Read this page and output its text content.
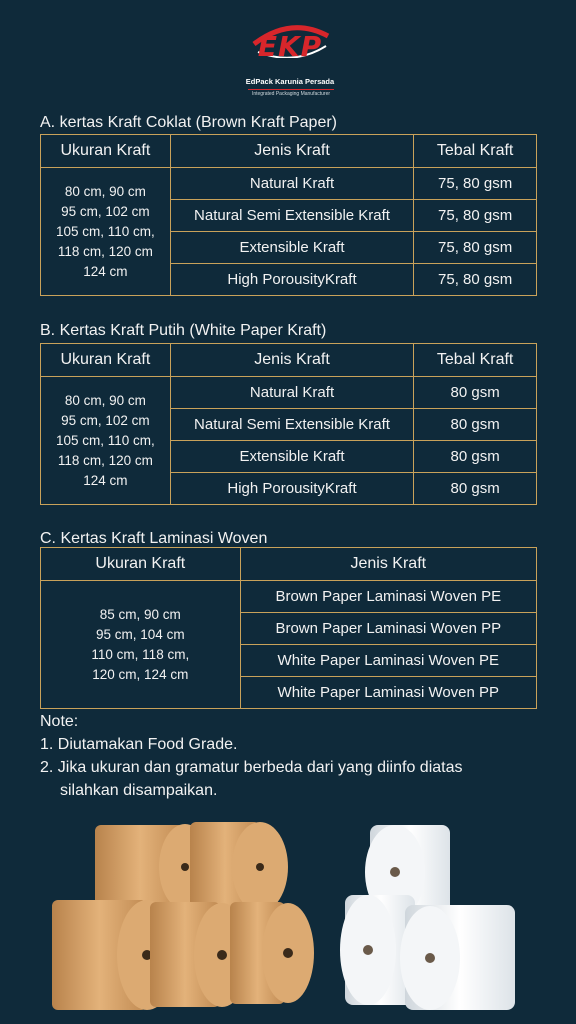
EKP
EdPack Karunia Persada
Integrated Packaging Manufacturer
A. kertas Kraft Coklat (Brown Kraft Paper)
Ukuran Kraft	Jenis Kraft	Tebal Kraft

80 cm, 90 cm
95 cm, 102 cm
105 cm, 110 cm,
118 cm, 120 cm
124 cm	Natural Kraft	75, 80 gsm
	Natural Semi Extensible Kraft	75, 80 gsm
	Extensible Kraft	75, 80 gsm
	High PorousityKraft	75, 80 gsm
B. Kertas Kraft Putih (White Paper Kraft)
Ukuran Kraft	Jenis Kraft	Tebal Kraft

80 cm, 90 cm
95 cm, 102 cm
105 cm, 110 cm,
118 cm, 120 cm
124 cm	Natural Kraft	80 gsm
	Natural Semi Extensible Kraft	80 gsm
	Extensible Kraft	80 gsm
	High PorousityKraft	80 gsm
C. Kertas Kraft Laminasi Woven
Ukuran Kraft	Jenis Kraft

85 cm, 90 cm
95 cm, 104 cm
110 cm, 118 cm,
120 cm, 124 cm	Brown Paper Laminasi Woven PE
	Brown Paper Laminasi Woven PP
	White Paper Laminasi Woven PE
	White Paper Laminasi Woven PP
Note:
1. Diutamakan Food Grade.
2. Jika ukuran dan gramatur berbeda dari yang diinfo diatas
silahkan disampaikan.
